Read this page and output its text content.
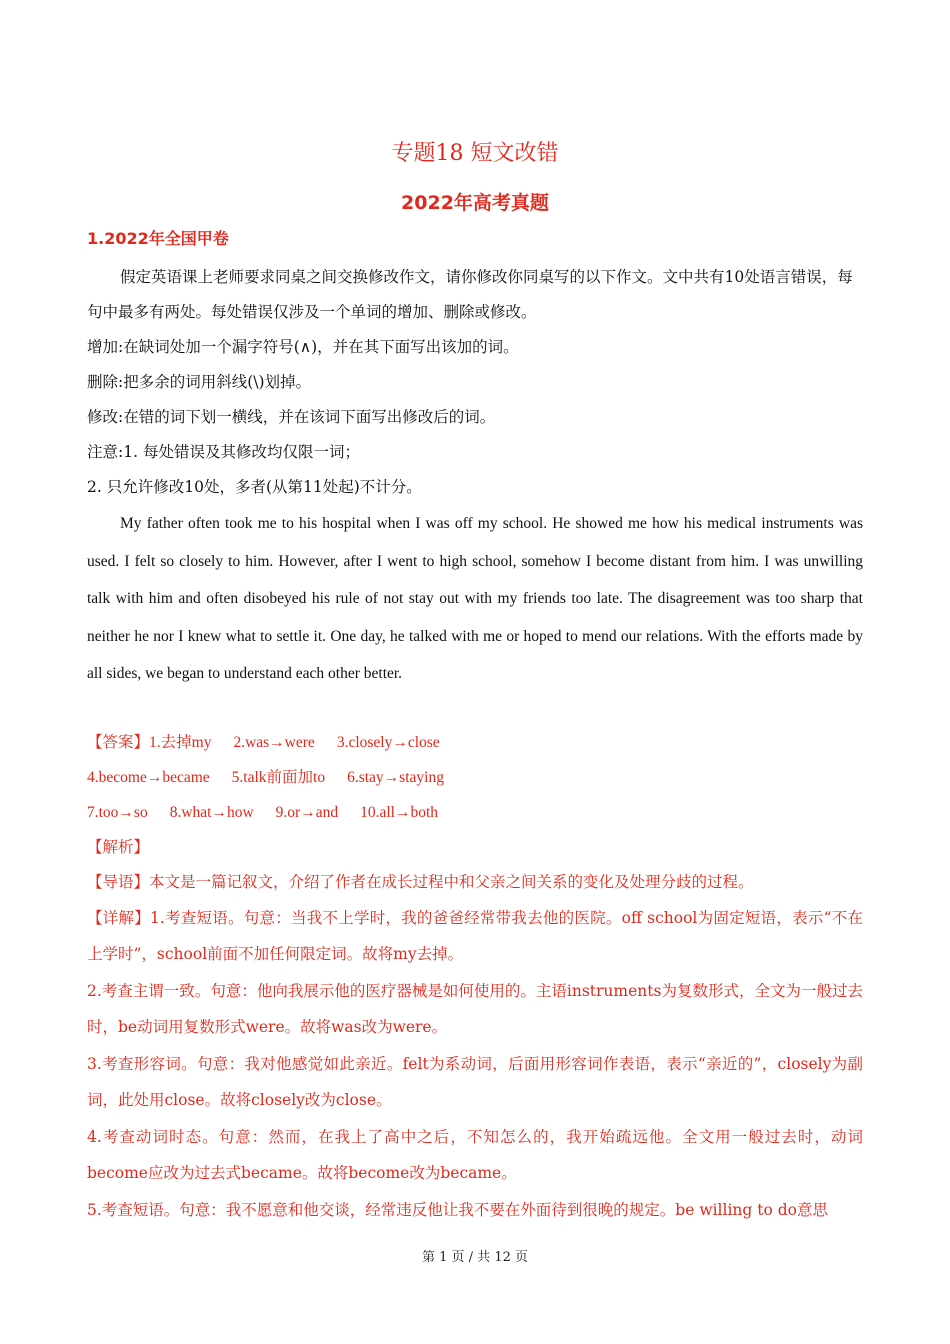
专题18 短文改错
2022年高考真题
1.2022年全国甲卷

假定英语课上老师要求同桌之间交换修改作文，请你修改你同桌写的以下作文。文中共有10处语言错误，每句中最多有两处。每处错误仅涉及一个单词的增加、删除或修改。

增加:在缺词处加一个漏字符号(∧)，并在其下面写出该加的词。

删除:把多余的词用斜线(\)划掉。

修改:在错的词下划一横线，并在该词下面写出修改后的词。

注意:1. 每处错误及其修改均仅限一词；

2. 只允许修改10处，多者(从第11处起)不计分。

My father often took me to his hospital when I was off my school. He showed me how his medical instruments was used. I felt so closely to him. However, after I went to high school, somehow I become distant from him. I was unwilling talk with him and often disobeyed his rule of not stay out with my friends too late. The disagreement was too sharp that neither he nor I knew what to settle it. One day, he talked with me or hoped to mend our relations. With the efforts made by all sides, we began to understand each other better.

【答案】1.去掉my 2.was→were 3.closely→close
4.become→became 5.talk前面加to 6.stay→staying
7.too→so 8.what→how 9.or→and 10.all→both
【解析】
【导语】本文是一篇记叙文，介绍了作者在成长过程中和父亲之间关系的变化及处理分歧的过程。

【详解】1.考查短语。句意：当我不上学时，我的爸爸经常带我去他的医院。off school为固定短语，表示“不在上学时”，school前面不加任何限定词。故将my去掉。

2.考查主谓一致。句意：他向我展示他的医疗器械是如何使用的。主语instruments为复数形式，全文为一般过去时，be动词用复数形式were。故将was改为were。

3.考查形容词。句意：我对他感觉如此亲近。felt为系动词，后面用形容词作表语，表示“亲近的”，closely为副词，此处用close。故将closely改为close。

4.考查动词时态。句意：然而，在我上了高中之后，不知怎么的，我开始疏远他。全文用一般过去时，动词become应改为过去式became。故将become改为became。

5.考查短语。句意：我不愿意和他交谈，经常违反他让我不要在外面待到很晚的规定。be willing to do意思

第 1 页 / 共 12 页
